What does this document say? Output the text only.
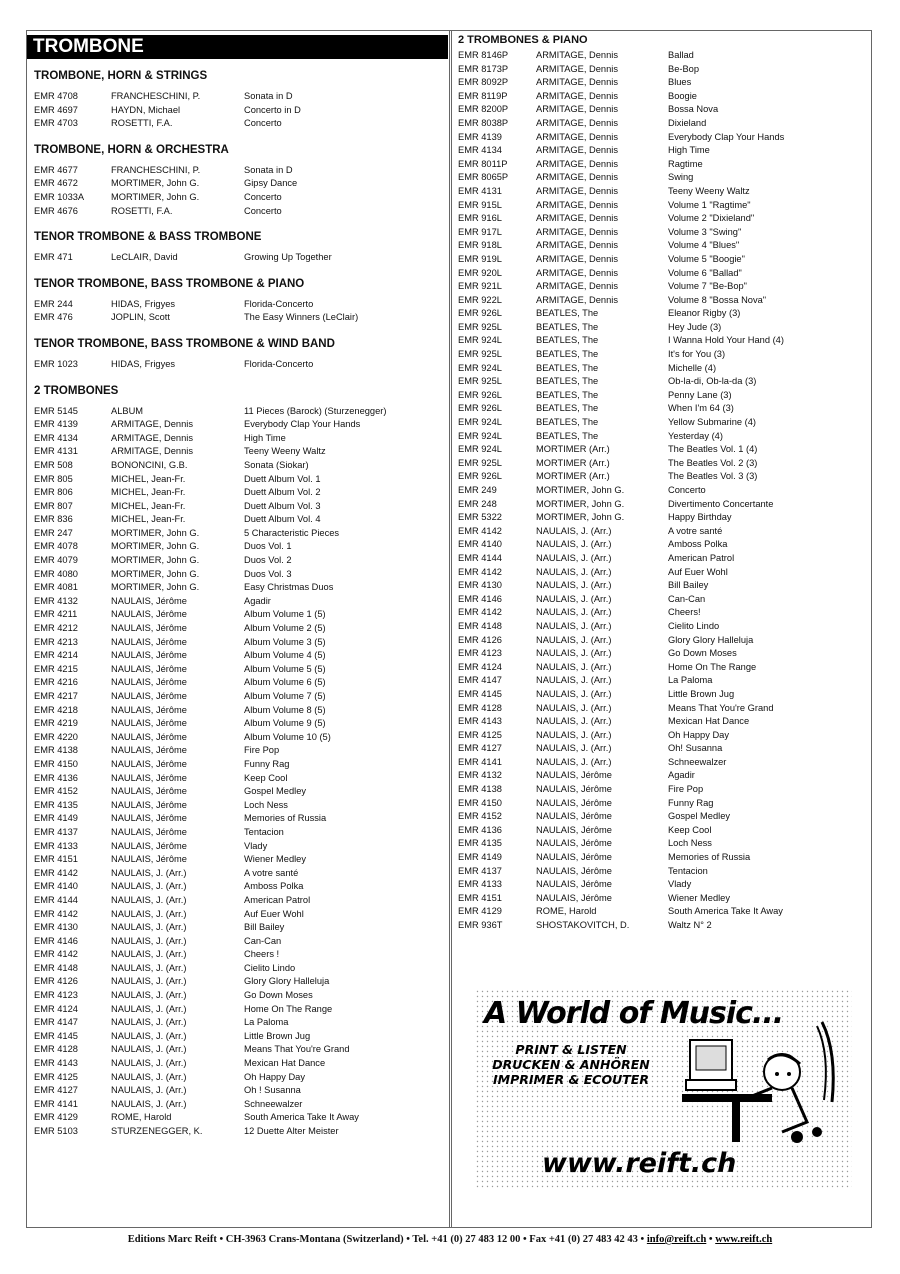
TROMBONE
TROMBONE, HORN & STRINGS
EMR 4708	FRANCHESCHINI, P.	Sonata in D
EMR 4697	HAYDN, Michael	Concerto in D
EMR 4703	ROSETTI, F.A.	Concerto
TROMBONE, HORN & ORCHESTRA
EMR 4677	FRANCHESCHINI, P.	Sonata in D
EMR 4672	MORTIMER, John G.	Gipsy Dance
EMR 1033A	MORTIMER, John G.	Concerto
EMR 4676	ROSETTI, F.A.	Concerto
TENOR TROMBONE & BASS TROMBONE
EMR 471	LeCLAIR, David	Growing Up Together
TENOR TROMBONE, BASS TROMBONE & PIANO
EMR 244	HIDAS, Frigyes	Florida-Concerto
EMR 476	JOPLIN, Scott	The Easy Winners (LeClair)
TENOR TROMBONE, BASS TROMBONE & WIND BAND
EMR 1023	HIDAS, Frigyes	Florida-Concerto
2 TROMBONES
EMR 5145	ALBUM	11 Pieces (Barock) (Sturzenegger)
EMR 4139	ARMITAGE, Dennis	Everybody Clap Your Hands
EMR 4134	ARMITAGE, Dennis	High Time
EMR 4131	ARMITAGE, Dennis	Teeny Weeny Waltz
EMR 508	BONONCINI, G.B.	Sonata (Siokar)
EMR 805	MICHEL, Jean-Fr.	Duett Album Vol. 1
EMR 806	MICHEL, Jean-Fr.	Duett Album Vol. 2
EMR 807	MICHEL, Jean-Fr.	Duett Album Vol. 3
EMR 836	MICHEL, Jean-Fr.	Duett Album Vol. 4
EMR 247	MORTIMER, John G.	5 Characteristic Pieces
EMR 4078	MORTIMER, John G.	Duos Vol. 1
EMR 4079	MORTIMER, John G.	Duos Vol. 2
EMR 4080	MORTIMER, John G.	Duos Vol. 3
EMR 4081	MORTIMER, John G.	Easy Christmas Duos
EMR 4132	NAULAIS, Jérôme	Agadir
EMR 4211	NAULAIS, Jérôme	Album Volume 1 (5)
EMR 4212	NAULAIS, Jérôme	Album Volume 2 (5)
EMR 4213	NAULAIS, Jérôme	Album Volume 3 (5)
EMR 4214	NAULAIS, Jérôme	Album Volume 4 (5)
EMR 4215	NAULAIS, Jérôme	Album Volume 5 (5)
EMR 4216	NAULAIS, Jérôme	Album Volume 6 (5)
EMR 4217	NAULAIS, Jérôme	Album Volume 7 (5)
EMR 4218	NAULAIS, Jérôme	Album Volume 8 (5)
EMR 4219	NAULAIS, Jérôme	Album Volume 9 (5)
EMR 4220	NAULAIS, Jérôme	Album Volume 10 (5)
EMR 4138	NAULAIS, Jérôme	Fire Pop
EMR 4150	NAULAIS, Jérôme	Funny Rag
EMR 4136	NAULAIS, Jérôme	Keep Cool
EMR 4152	NAULAIS, Jérôme	Gospel Medley
EMR 4135	NAULAIS, Jérôme	Loch Ness
EMR 4149	NAULAIS, Jérôme	Memories of Russia
EMR 4137	NAULAIS, Jérôme	Tentacion
EMR 4133	NAULAIS, Jérôme	Vlady
EMR 4151	NAULAIS, Jérôme	Wiener Medley
EMR 4142	NAULAIS, J. (Arr.)	A votre santé
EMR 4140	NAULAIS, J. (Arr.)	Amboss Polka
EMR 4144	NAULAIS, J. (Arr.)	American Patrol
EMR 4142	NAULAIS, J. (Arr.)	Auf Euer Wohl
EMR 4130	NAULAIS, J. (Arr.)	Bill Bailey
EMR 4146	NAULAIS, J. (Arr.)	Can-Can
EMR 4142	NAULAIS, J. (Arr.)	Cheers !
EMR 4148	NAULAIS, J. (Arr.)	Cielito Lindo
EMR 4126	NAULAIS, J. (Arr.)	Glory Glory Halleluja
EMR 4123	NAULAIS, J. (Arr.)	Go Down Moses
EMR 4124	NAULAIS, J. (Arr.)	Home On The Range
EMR 4147	NAULAIS, J. (Arr.)	La Paloma
EMR 4145	NAULAIS, J. (Arr.)	Little Brown Jug
EMR 4128	NAULAIS, J. (Arr.)	Means That You're Grand
EMR 4143	NAULAIS, J. (Arr.)	Mexican Hat Dance
EMR 4125	NAULAIS, J. (Arr.)	Oh Happy Day
EMR 4127	NAULAIS, J. (Arr.)	Oh ! Susanna
EMR 4141	NAULAIS, J. (Arr.)	Schneewalzer
EMR 4129	ROME, Harold	South America Take It Away
EMR 5103	STURZENEGGER, K.	12 Duette Alter Meister
2 TROMBONES & PIANO
EMR 8146P	ARMITAGE, Dennis	Ballad
EMR 8173P	ARMITAGE, Dennis	Be-Bop
EMR 8092P	ARMITAGE, Dennis	Blues
EMR 8119P	ARMITAGE, Dennis	Boogie
EMR 8200P	ARMITAGE, Dennis	Bossa Nova
EMR 8038P	ARMITAGE, Dennis	Dixieland
EMR 4139	ARMITAGE, Dennis	Everybody Clap Your Hands
EMR 4134	ARMITAGE, Dennis	High Time
EMR 8011P	ARMITAGE, Dennis	Ragtime
EMR 8065P	ARMITAGE, Dennis	Swing
EMR 4131	ARMITAGE, Dennis	Teeny Weeny Waltz
EMR 915L	ARMITAGE, Dennis	Volume 1 "Ragtime"
EMR 916L	ARMITAGE, Dennis	Volume 2 "Dixieland"
EMR 917L	ARMITAGE, Dennis	Volume 3 "Swing"
EMR 918L	ARMITAGE, Dennis	Volume 4 "Blues"
EMR 919L	ARMITAGE, Dennis	Volume 5 "Boogie"
EMR 920L	ARMITAGE, Dennis	Volume 6 "Ballad"
EMR 921L	ARMITAGE, Dennis	Volume 7 "Be-Bop"
EMR 922L	ARMITAGE, Dennis	Volume 8 "Bossa Nova"
EMR 926L	BEATLES, The	Eleanor Rigby (3)
EMR 925L	BEATLES, The	Hey Jude (3)
EMR 924L	BEATLES, The	I Wanna Hold Your Hand (4)
EMR 925L	BEATLES, The	It's for You (3)
EMR 924L	BEATLES, The	Michelle (4)
EMR 925L	BEATLES, The	Ob-la-di, Ob-la-da (3)
EMR 926L	BEATLES, The	Penny Lane (3)
EMR 926L	BEATLES, The	When I'm 64 (3)
EMR 924L	BEATLES, The	Yellow Submarine (4)
EMR 924L	BEATLES, The	Yesterday (4)
EMR 924L	MORTIMER (Arr.)	The Beatles Vol. 1 (4)
EMR 925L	MORTIMER (Arr.)	The Beatles Vol. 2 (3)
EMR 926L	MORTIMER (Arr.)	The Beatles Vol. 3 (3)
EMR 249	MORTIMER, John G.	Concerto
EMR 248	MORTIMER, John G.	Divertimento Concertante
EMR 5322	MORTIMER, John G.	Happy Birthday
EMR 4142	NAULAIS, J. (Arr.)	A votre santé
EMR 4140	NAULAIS, J. (Arr.)	Amboss Polka
EMR 4144	NAULAIS, J. (Arr.)	American Patrol
EMR 4142	NAULAIS, J. (Arr.)	Auf Euer Wohl
EMR 4130	NAULAIS, J. (Arr.)	Bill Bailey
EMR 4146	NAULAIS, J. (Arr.)	Can-Can
EMR 4142	NAULAIS, J. (Arr.)	Cheers!
EMR 4148	NAULAIS, J. (Arr.)	Cielito Lindo
EMR 4126	NAULAIS, J. (Arr.)	Glory Glory Halleluja
EMR 4123	NAULAIS, J. (Arr.)	Go Down Moses
EMR 4124	NAULAIS, J. (Arr.)	Home On The Range
EMR 4147	NAULAIS, J. (Arr.)	La Paloma
EMR 4145	NAULAIS, J. (Arr.)	Little Brown Jug
EMR 4128	NAULAIS, J. (Arr.)	Means That You're Grand
EMR 4143	NAULAIS, J. (Arr.)	Mexican Hat Dance
EMR 4125	NAULAIS, J. (Arr.)	Oh Happy Day
EMR 4127	NAULAIS, J. (Arr.)	Oh! Susanna
EMR 4141	NAULAIS, J. (Arr.)	Schneewalzer
EMR 4132	NAULAIS, Jérôme	Agadir
EMR 4138	NAULAIS, Jérôme	Fire Pop
EMR 4150	NAULAIS, Jérôme	Funny Rag
EMR 4152	NAULAIS, Jérôme	Gospel Medley
EMR 4136	NAULAIS, Jérôme	Keep Cool
EMR 4135	NAULAIS, Jérôme	Loch Ness
EMR 4149	NAULAIS, Jérôme	Memories of Russia
EMR 4137	NAULAIS, Jérôme	Tentacion
EMR 4133	NAULAIS, Jérôme	Vlady
EMR 4151	NAULAIS, Jérôme	Wiener Medley
EMR 4129	ROME, Harold	South America Take It Away
EMR 936T	SHOSTAKOVITCH, D.	Waltz N° 2
A World of Music...
PRINT & LISTEN
DRUCKEN & ANHÖREN
IMPRIMER & ECOUTER
www.reift.ch
Editions Marc Reift • CH-3963 Crans-Montana (Switzerland) • Tel. +41 (0) 27 483 12 00 • Fax +41 (0) 27 483 42 43 • info@reift.ch • www.reift.ch
